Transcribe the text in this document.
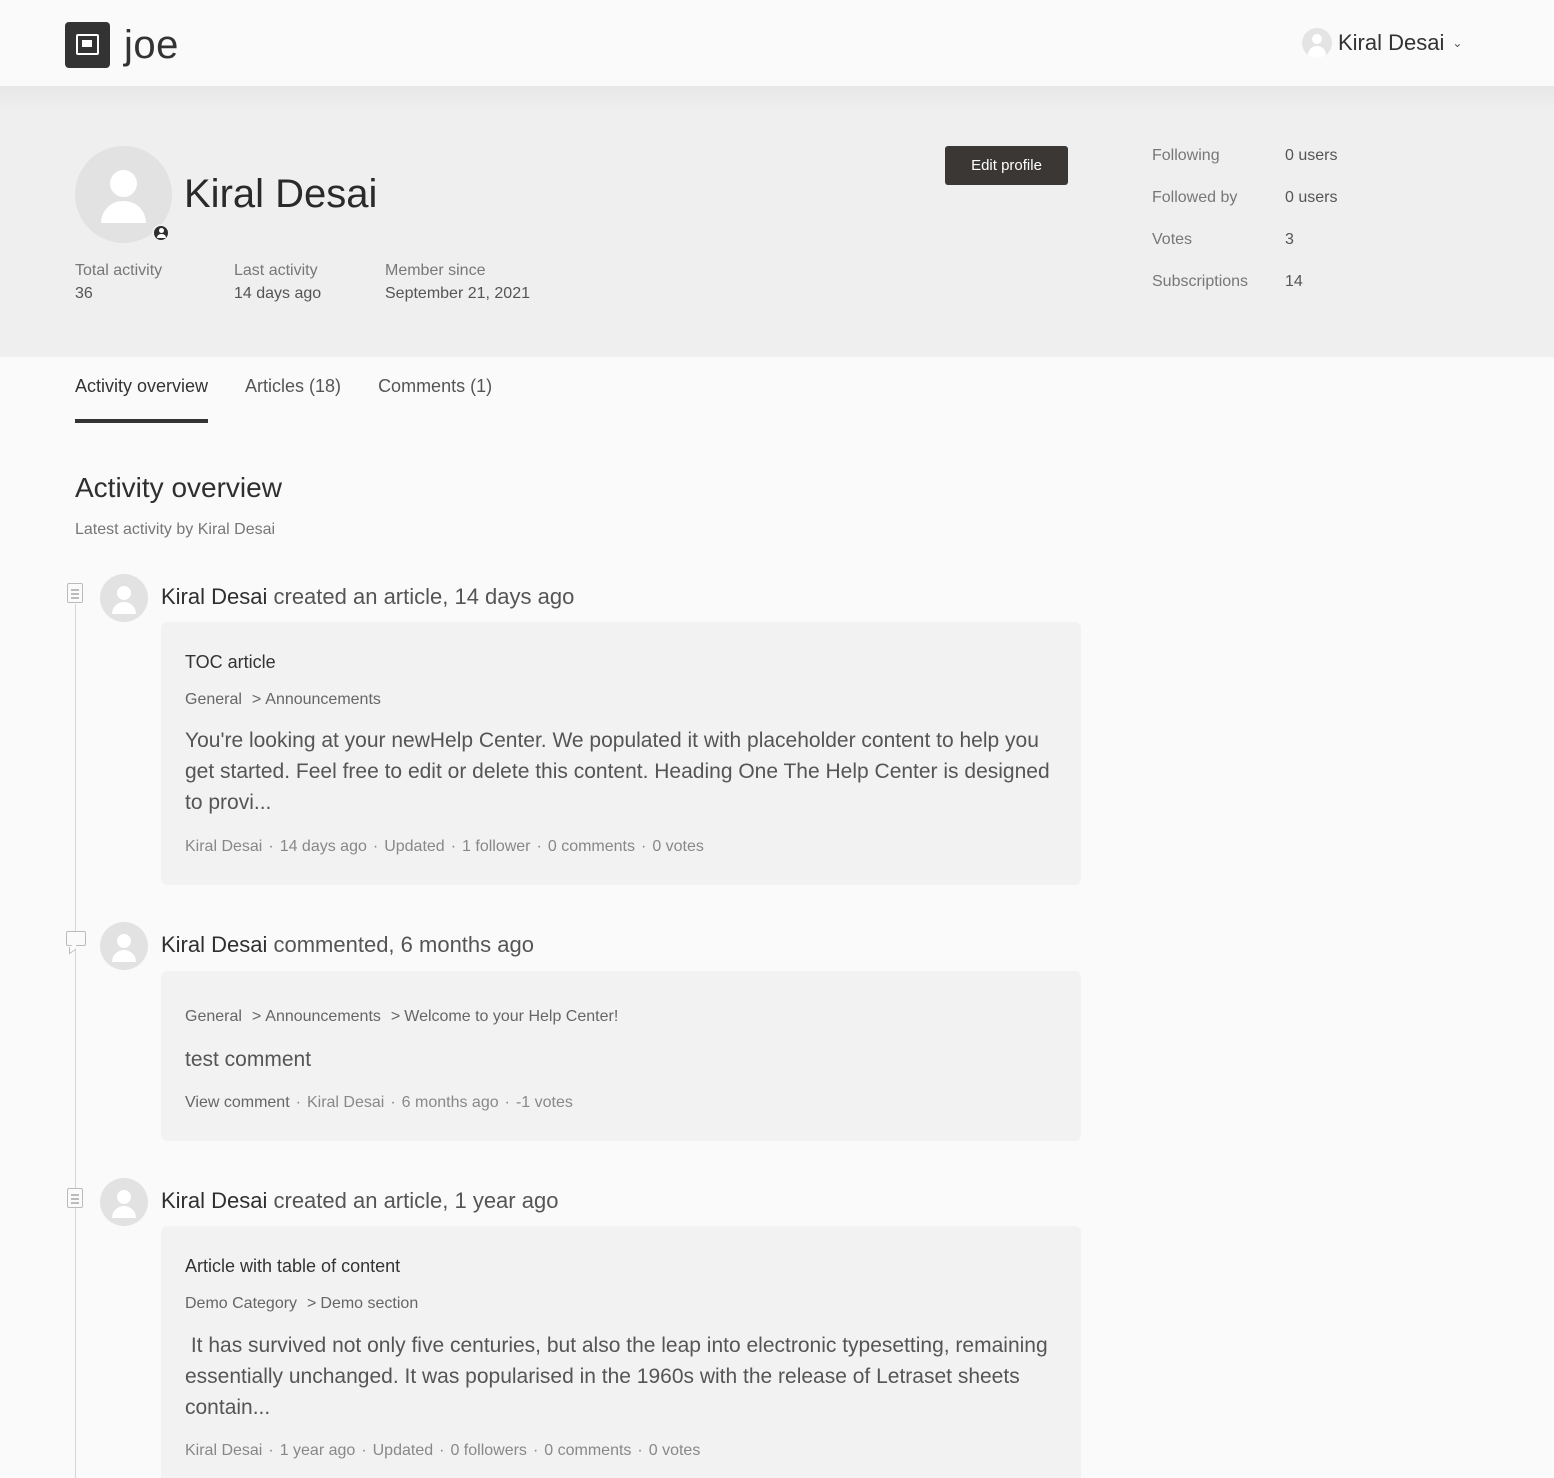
joe	Kiral Desai ⌄
Kiral Desai
Total activity
36
Last activity
14 days ago
Member since
September 21, 2021
Edit profile
Following	0 users
Followed by	0 users
Votes	3
Subscriptions 14
Activity overview Articles (18) Comments (1)
Activity overview
Latest activity by Kiral Desai
Kiral Desai created an article, 14 days ago
TOC article
General > Announcements
You're looking at your newHelp Center. We populated it with placeholder content to help you get started. Feel free to edit or delete this content. Heading One The Help Center is designed to provi...
Kiral Desai · 14 days ago · Updated · 1 follower · 0 comments · 0 votes
Kiral Desai commented, 6 months ago
General > Announcements > Welcome to your Help Center!
test comment
View comment · Kiral Desai · 6 months ago · -1 votes
Kiral Desai created an article, 1 year ago
Article with table of content
Demo Category > Demo section
It has survived not only five centuries, but also the leap into electronic typesetting, remaining essentially unchanged. It was popularised in the 1960s with the release of Letraset sheets contain...
Kiral Desai · 1 year ago · Updated · 0 followers · 0 comments · 0 votes
